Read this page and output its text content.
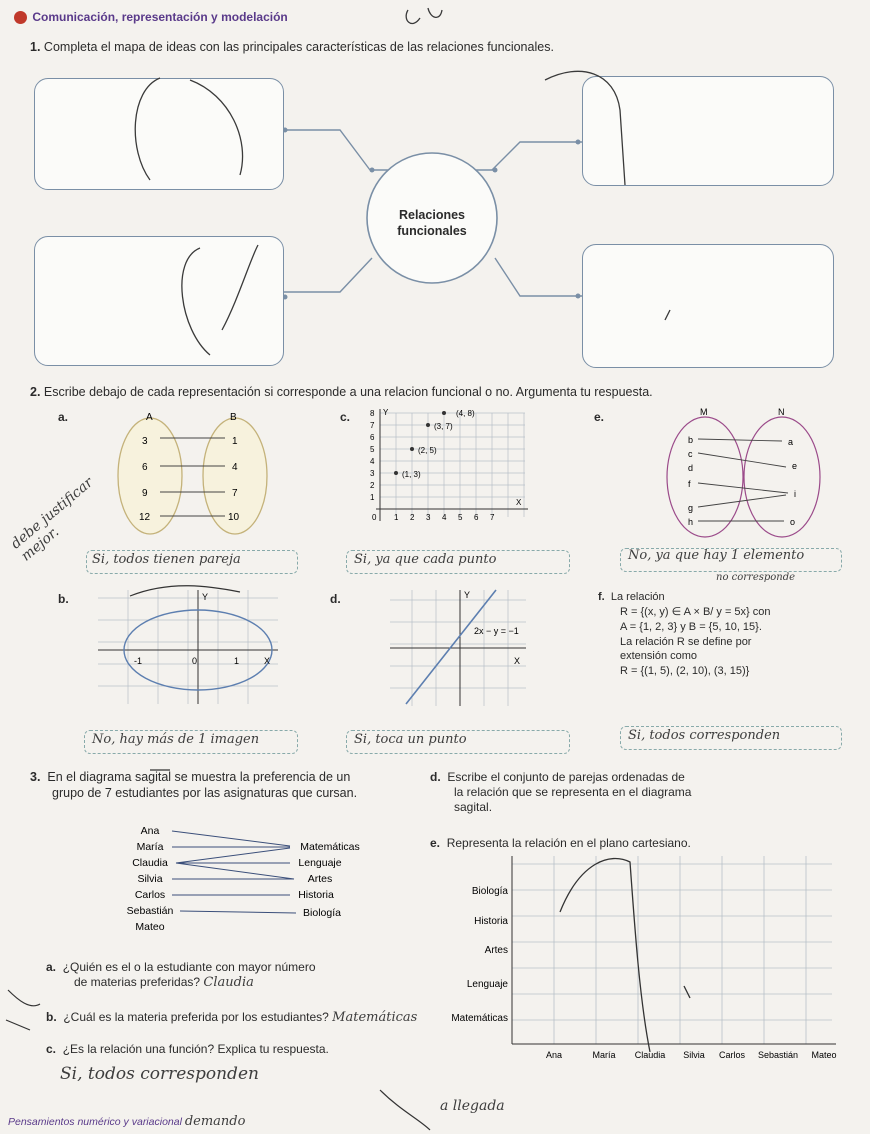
Comunicación, representación y modelación
1. Completa el mapa de ideas con las principales características de las relaciones funcionales.
Relaciones
funcionales
2. Escribe debajo de cada representación si corresponde a una relacion funcional o no. Argumenta tu respuesta.
a.	A	B
3
6
9
12
1
4
7
10
debe justificar mejor.
c. 8
7
6
5
4
3
2
1
0 1 2 3 4 5 6 7
Y
X
(4, 8)
(3, 7)
(2, 5)
(1, 3)
e.	M	N
b
c
d
f
g
h
a
e
i
o
Si, todos tienen pareja	Si, ya que cada punto	No, ya que hay 1 elemento
no corresponde
b.
-1	0	1
Y
X
d.
2x − y = −1
Y
X
f. La relación
R = {(x, y) ∈ A × B/ y = 5x} con
A = {1, 2, 3} y B = {5, 10, 15}.
La relación R se define por
extensión como
R = {(1, 5), (2, 10), (3, 15)}
No, hay más de 1 imagen	Si, toca un punto	Si, todos corresponden
3. En el diagrama sagital se muestra la preferencia de un
grupo de 7 estudiantes por las asignaturas que cursan.
Ana
María
Claudia
Silvia
Carlos
Sebastián
Mateo
Matemáticas
Lenguaje
Artes
Historia
Biología
a. ¿Quién es el o la estudiante con mayor número
de materias preferidas? Claudia
b. ¿Cuál es la materia preferida por los estudiantes? Matemáticas
c. ¿Es la relación una función? Explica tu respuesta.
Si, todos corresponden
a llegada
d. Escribe el conjunto de parejas ordenadas de
la relación que se representa en el diagrama
sagital.
e. Representa la relación en el plano cartesiano.
Biología
Historia
Artes
Lenguaje
Matemáticas
Ana	María Claudia Silvia Carlos Sebastián Mateo
Pensamientos numérico y variacional demando
